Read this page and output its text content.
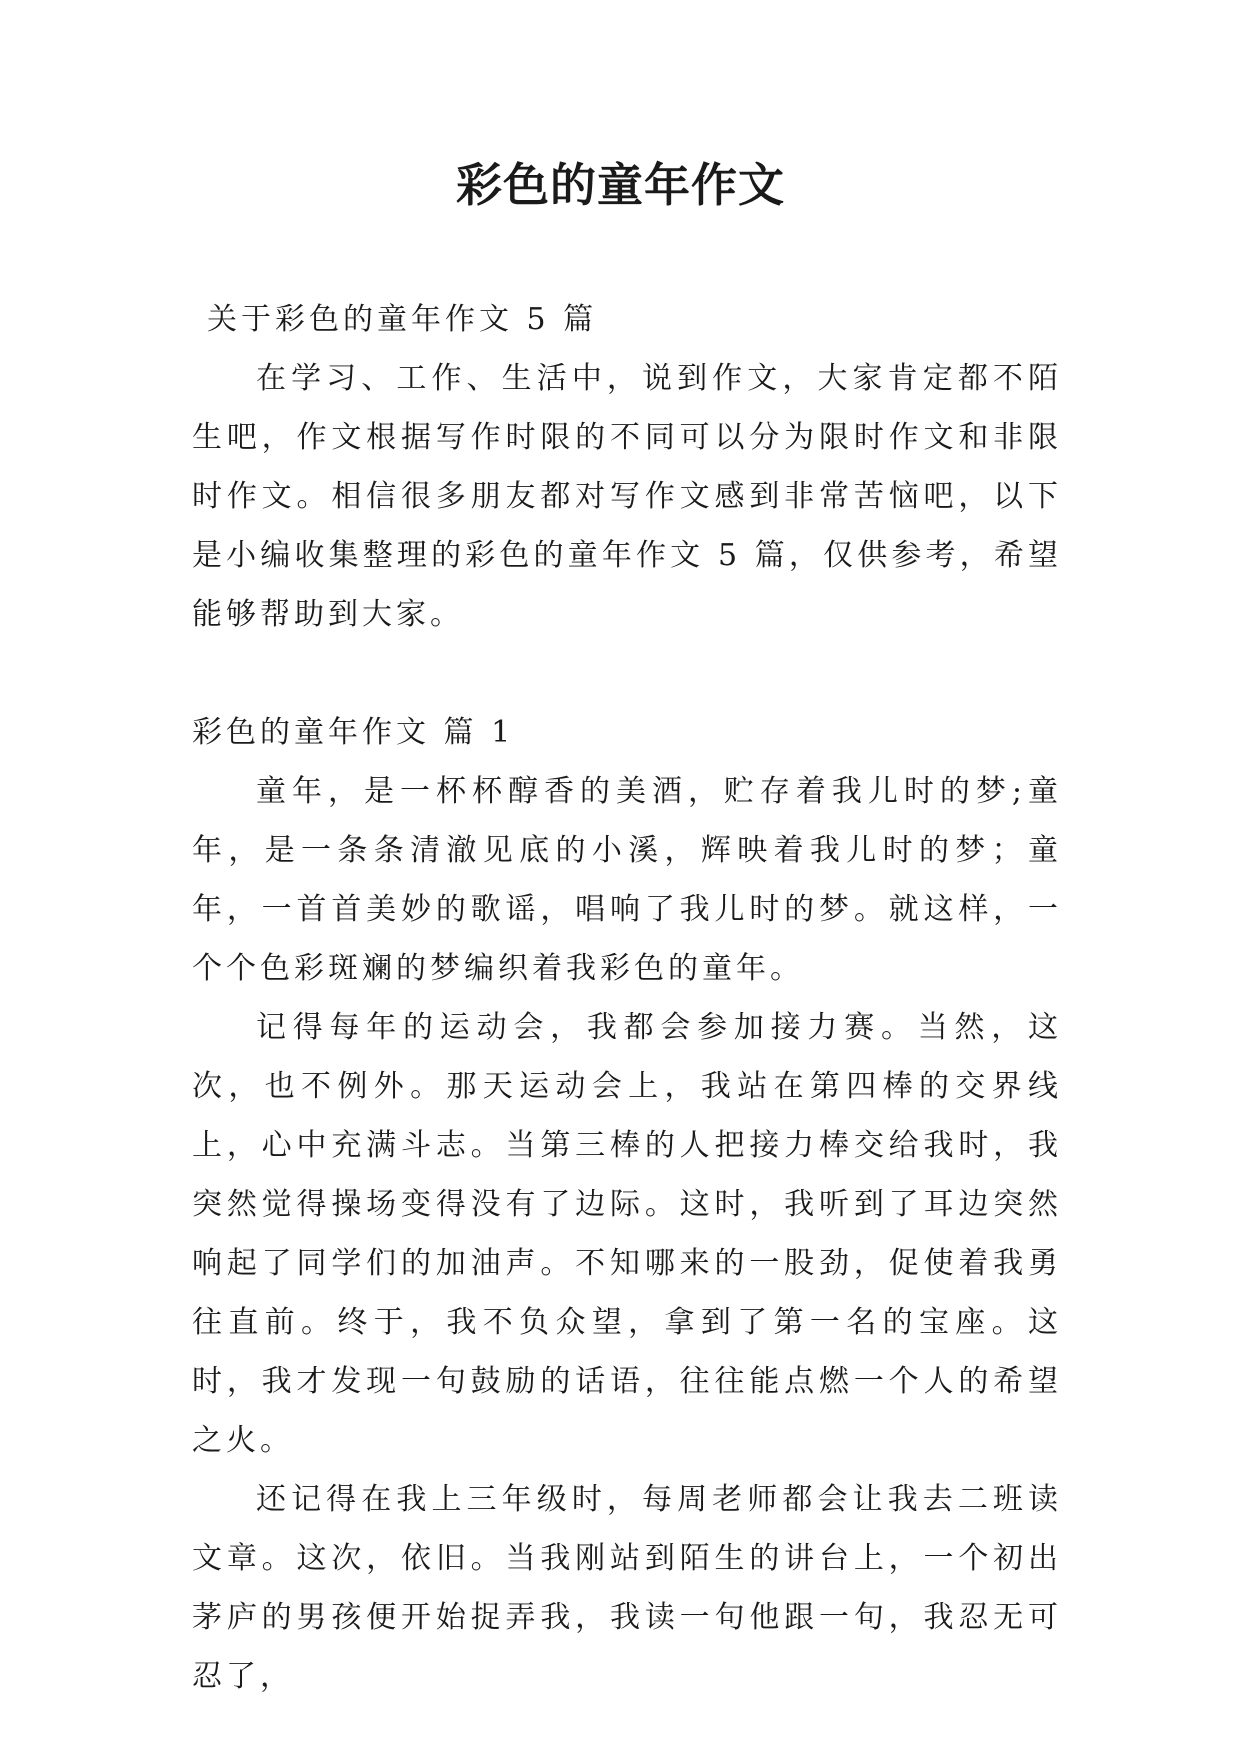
彩色的童年作文

关于彩色的童年作文 5 篇

在学习、工作、生活中，说到作文，大家肯定都不陌生吧，作文根据写作时限的不同可以分为限时作文和非限时作文。相信很多朋友都对写作文感到非常苦恼吧，以下是小编收集整理的彩色的童年作文 5 篇，仅供参考，希望能够帮助到大家。

彩色的童年作文 篇 1

童年，是一杯杯醇香的美酒，贮存着我儿时的梦;童年，是一条条清澈见底的小溪，辉映着我儿时的梦；童年，一首首美妙的歌谣，唱响了我儿时的梦。就这样，一个个色彩斑斓的梦编织着我彩色的童年。

记得每年的运动会，我都会参加接力赛。当然，这次，也不例外。那天运动会上，我站在第四棒的交界线上，心中充满斗志。当第三棒的人把接力棒交给我时，我突然觉得操场变得没有了边际。这时，我听到了耳边突然响起了同学们的加油声。不知哪来的一股劲，促使着我勇往直前。终于，我不负众望，拿到了第一名的宝座。这时，我才发现一句鼓励的话语，往往能点燃一个人的希望之火。

还记得在我上三年级时，每周老师都会让我去二班读文章。这次，依旧。当我刚站到陌生的讲台上，一个初出茅庐的男孩便开始捉弄我，我读一句他跟一句，我忍无可忍了，
